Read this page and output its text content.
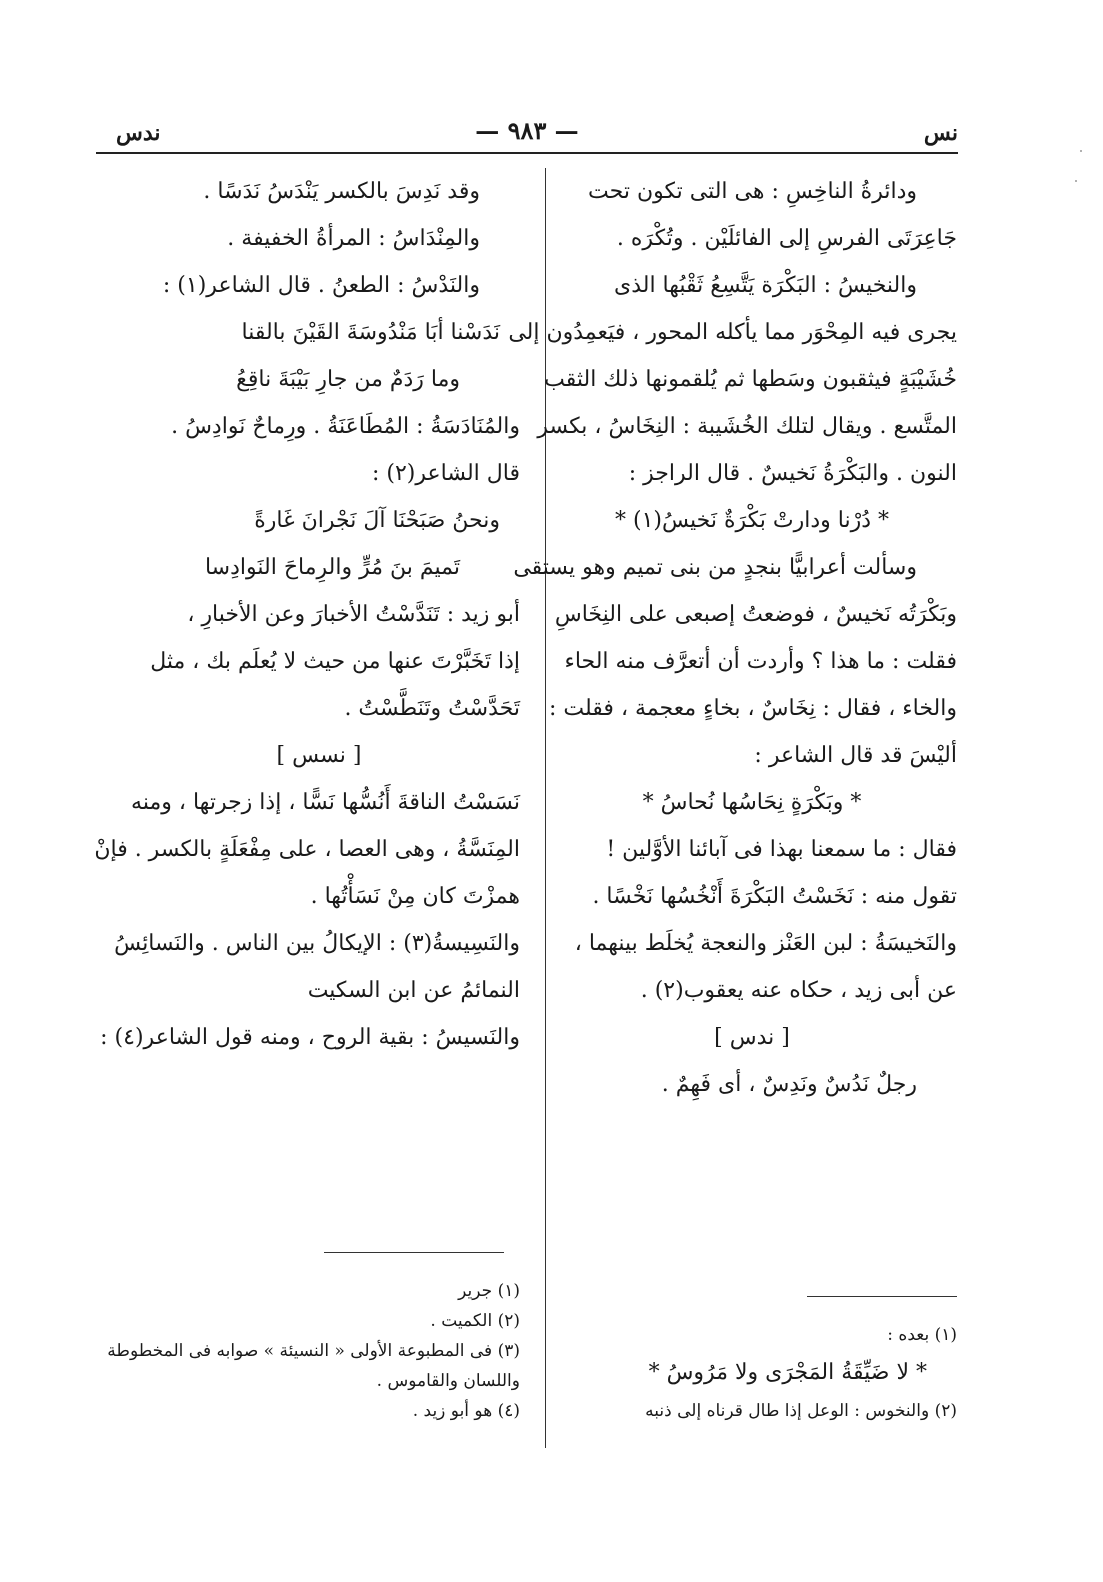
نس
— ٩٨٣ —
ندس
ودائرةُ الناخِسِ : هى التى تكون تحت
جَاعِرَتَى الفرسِ إلى الفائلَيْن . وتُكْرَه .
والنخيسُ : البَكْرَة يَتَّسِعُ ثَقْبُها الذى
يجرى فيه المِحْوَر مما يأكله المحور ، فيَعمِدُون إلى
خُشَيْبَةٍ فيثقبون وسَطها ثم يُلقمونها ذلك الثقب
المتَّسع . ويقال لتلك الخُشَيبة : النِخَاسُ ، بكسر
النون . والبَكْرَةُ نَخيسٌ . قال الراجز :
* دُرْنا ودارتْ بَكْرَةٌ نَخيسُ(١) *
وسألت أعرابيًّا بنجدٍ من بنى تميم وهو يستقى
وبَكْرَتُه نَخيسٌ ، فوضعتُ إصبعى على النِخَاسِ
فقلت : ما هذا ؟ وأردت أن أتعرَّف منه الحاء
والخاء ، فقال : نِخَاسٌ ، بخاءٍ معجمة ، فقلت :
أليْسَ قد قال الشاعر :
* وبَكْرَةٍ نِحَاسُها نُحاسُ *
فقال : ما سمعنا بهذا فى آبائنا الأوَّلين !
تقول منه : نَخَسْتُ البَكْرَةَ أَنْخُسُها نَخْسًا .
والنَخيسَةُ : لبن العَنْز والنعجة يُخلَط بينهما ،
عن أبى زيد ، حكاه عنه يعقوب(٢) .
[ ندس ]
رجلٌ نَدُسٌ ونَدِسٌ ، أى فَهِمٌ .
وقد نَدِسَ بالكسر يَنْدَسُ نَدَسًا .
والمِنْدَاسُ : المرأةُ الخفيفة .
والنَدْسُ : الطعنُ . قال الشاعر(١) :
نَدَسْنا أبَا مَنْدُوسَةَ القَيْنَ بالقنا
وما رَدَمٌ من جارِ بَيْبَةَ ناقِعُ
والمُنَادَسَةُ : المُطَاعَنَةُ . ورِماحٌ نَوادِسُ .
قال الشاعر(٢) :
ونحنُ صَبَحْنَا آلَ نَجْرانَ غَارةً
تَميمَ بنَ مُرٍّ والرِماحَ النَوادِسا
أبو زيد : تَنَدَّسْتُ الأخبارَ وعن الأخبارِ ،
إذا تَخَبَّرْتَ عنها من حيث لا يُعلَم بك ، مثل
تَحَدَّسْتُ وتَنَطَّسْتُ .
[ نسس ]
نَسَسْتُ الناقةَ أَنُسُّها نَسًّا ، إذا زجرتها ، ومنه
المِنَسَّةُ ، وهى العصا ، على مِفْعَلَةٍ بالكسر . فإنْ
همزْتَ كان مِنْ نَسَأْتُها .
والنَسِيسةُ(٣) : الإيكالُ بين الناس . والنَسائِسُ
النمائمُ عن ابن السكيت
والنَسيسُ : بقية الروح ، ومنه قول الشاعر(٤) :
(١) بعده :
* لا ضَيِّقَةُ المَجْرَى ولا مَرُوسُ *
(٢) والنخوس : الوعل إذا طال قرناه إلى ذنبه
(١) جرير
(٢) الكميت .
(٣) فى المطبوعة الأولى « النسيئة » صوابه فى المخطوطة
واللسان والقاموس .
(٤) هو أبو زيد .
